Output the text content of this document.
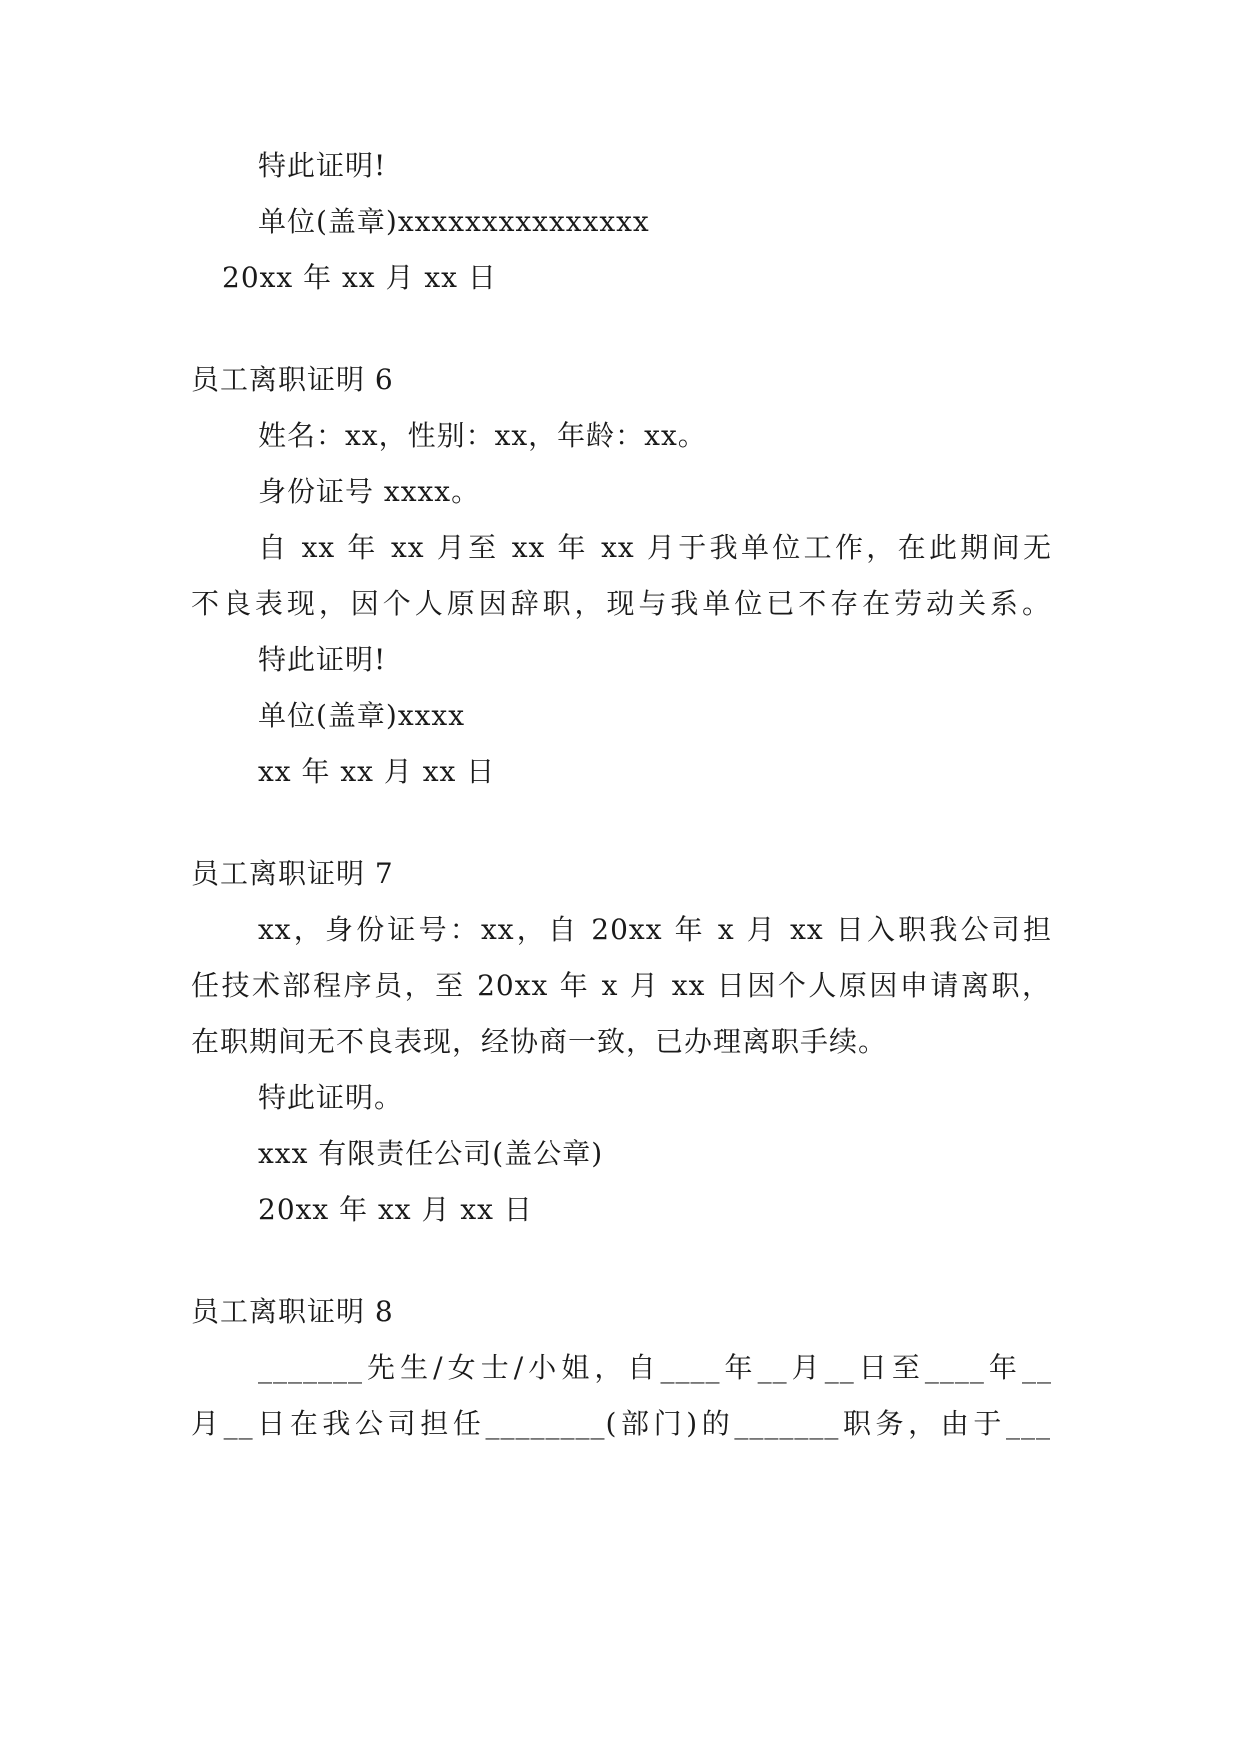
特此证明!
单位(盖章)xxxxxxxxxxxxxxx
20xx 年 xx 月 xx 日
员工离职证明 6
姓名：xx，性别：xx，年龄：xx。
身份证号 xxxx。
自 xx 年 xx 月至 xx 年 xx 月于我单位工作，在此期间无
不良表现，因个人原因辞职，现与我单位已不存在劳动关系。
特此证明!
单位(盖章)xxxx
xx 年 xx 月 xx 日
员工离职证明 7
xx，身份证号：xx，自 20xx 年 x 月 xx 日入职我公司担
任技术部程序员，至 20xx 年 x 月 xx 日因个人原因申请离职，
在职期间无不良表现，经协商一致，已办理离职手续。
特此证明。
xxx 有限责任公司(盖公章)
20xx 年 xx 月 xx 日
员工离职证明 8
_______先生/女士/小姐，自____年__月__日至____年__
月__日在我公司担任________(部门)的_______职务，由于___
